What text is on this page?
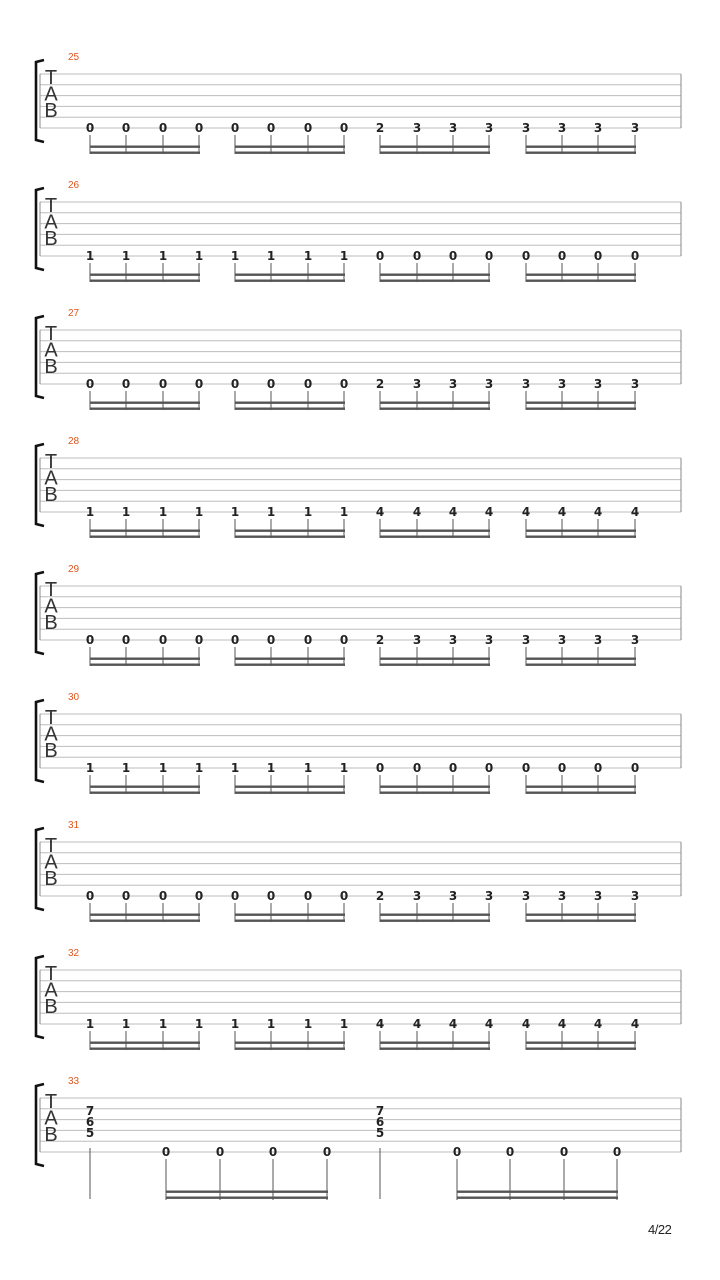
25
T
A
B
0 0 0 0 0 0 0 0 2 3 3 3 3 3 3 3
26
T
A
B
1 1 1 1 1 1 1 1 0 0 0 0 0 0 0 0
27
T
A
B
0 0 0 0 0 0 0 0 2 3 3 3 3 3 3 3
28
T
A
B
1 1 1 1 1 1 1 1 4 4 4 4 4 4 4 4
29
T
A
B
0 0 0 0 0 0 0 0 2 3 3 3 3 3 3 3
30
T
A
B
1 1 1 1 1 1 1 1 0 0 0 0 0 0 0 0
31
T
A
B
0 0 0 0 0 0 0 0 2 3 3 3 3 3 3 3
32
T
A
B
1 1 1 1 1 1 1 1 4 4 4 4 4 4 4 4
33
T
A
B
7
6
5
0	0	0	0
7
6
5
0	0	0	0
4/22
